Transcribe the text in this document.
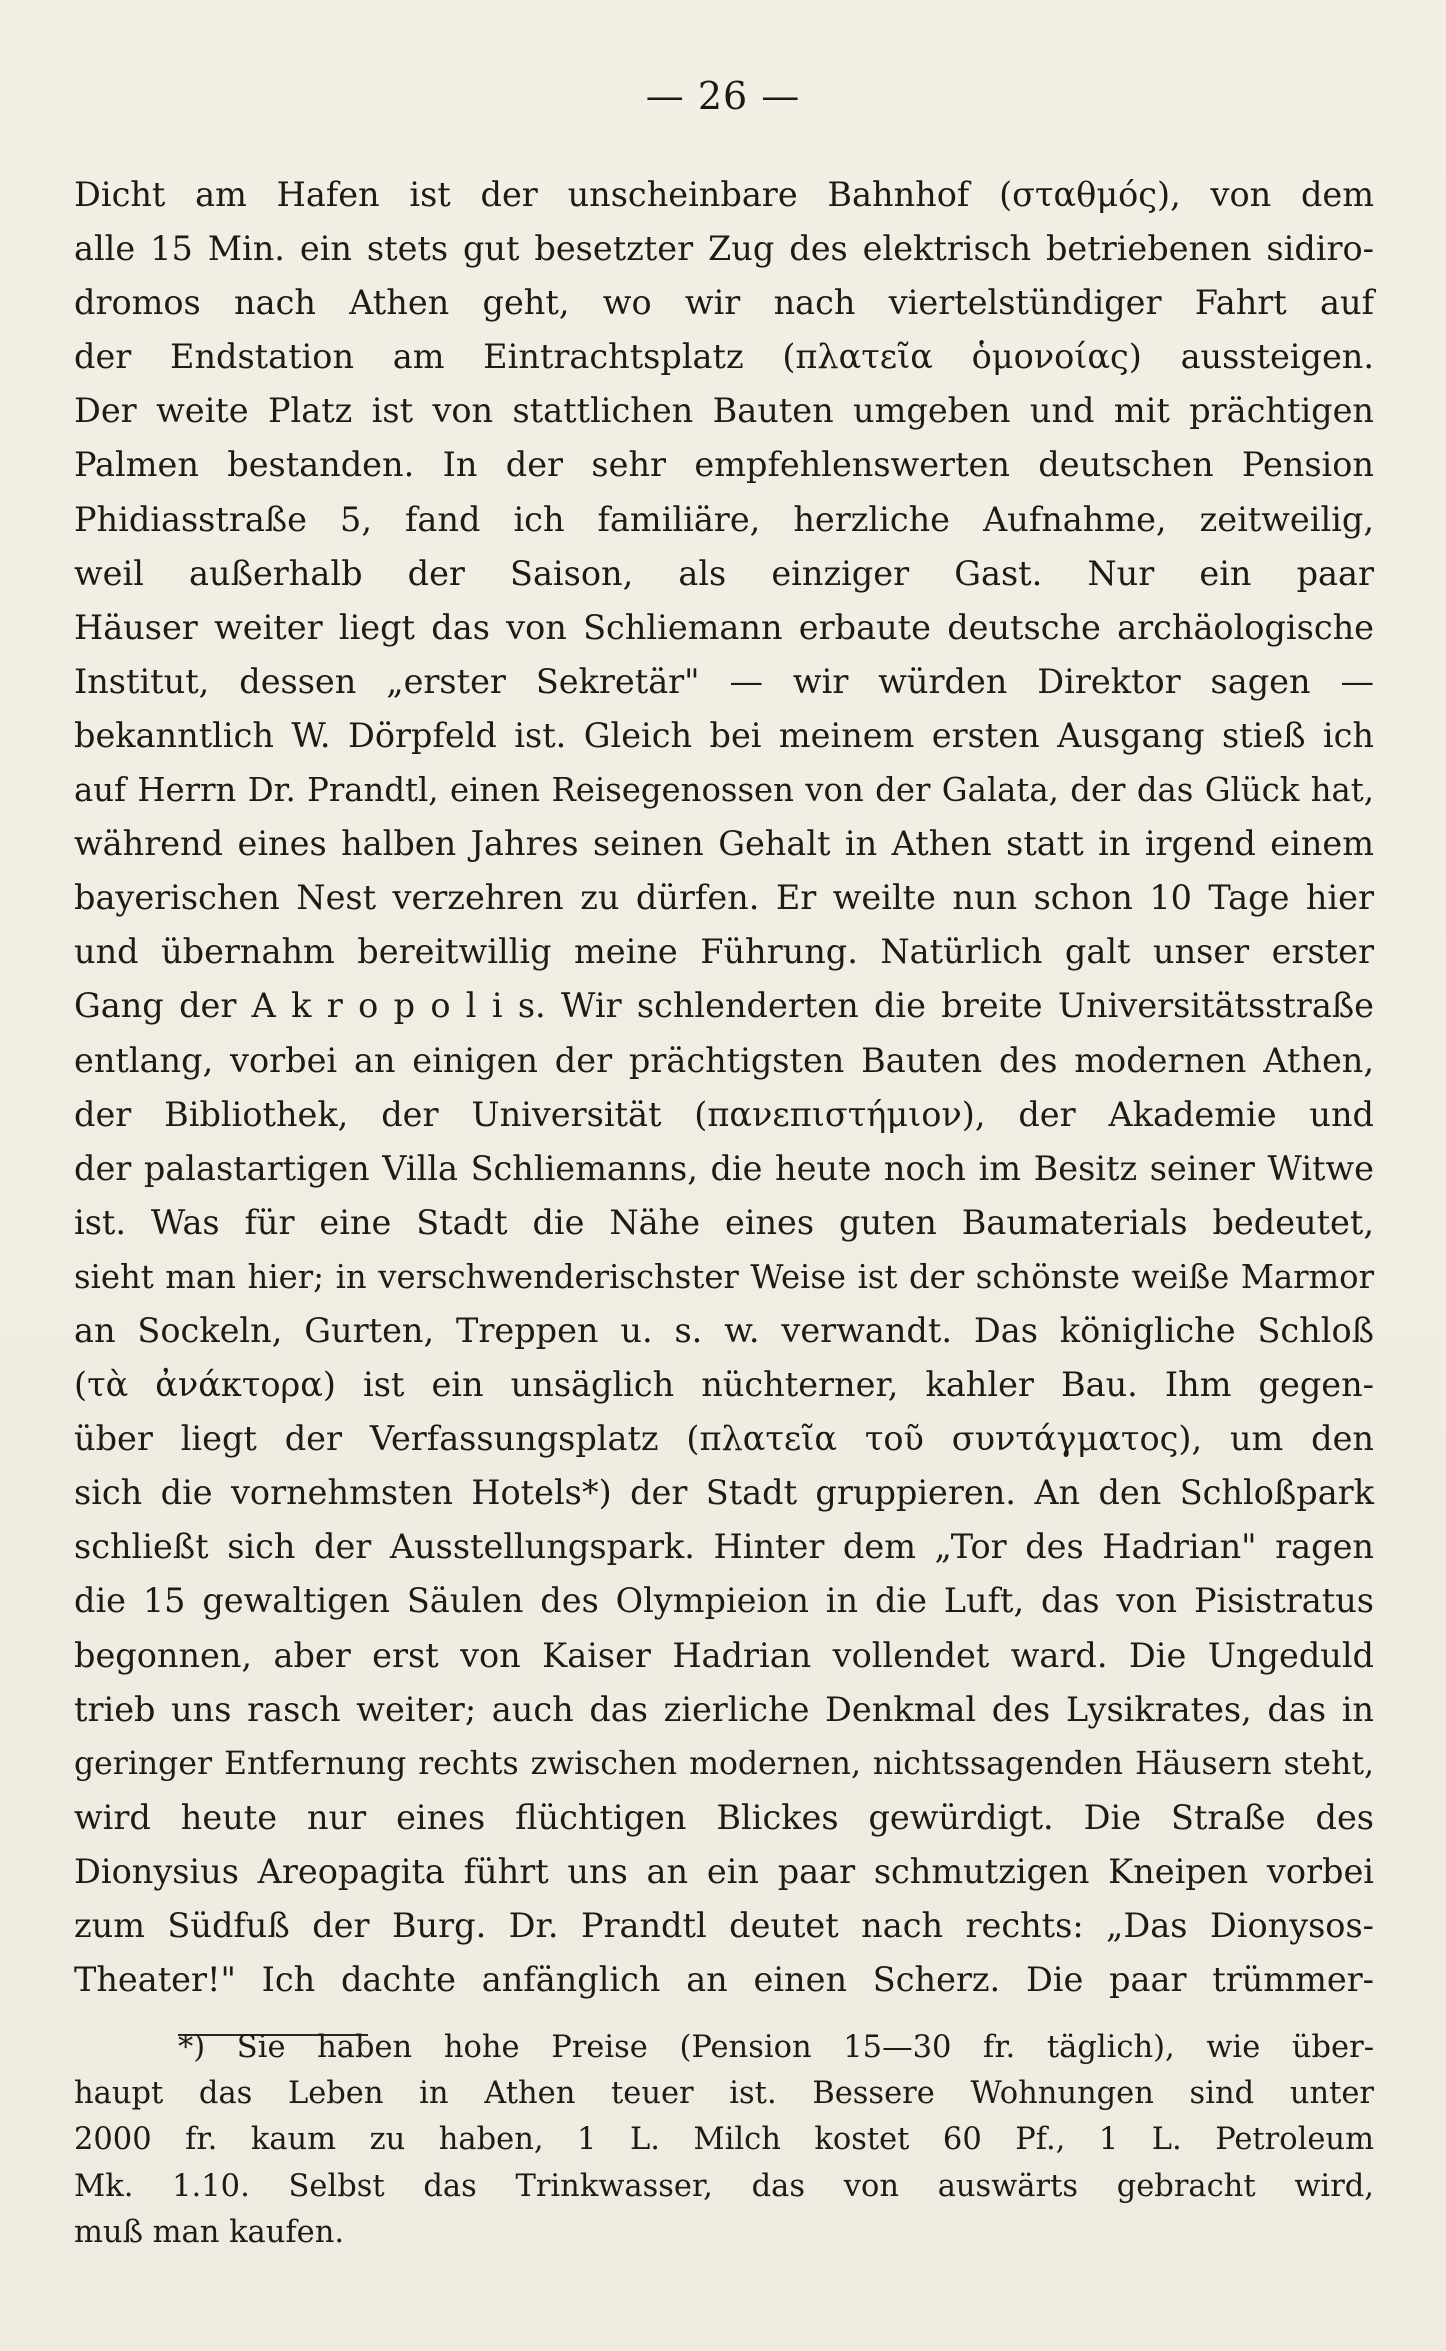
— 26 —
Dicht am Hafen ist der unscheinbare Bahnhof (σταθμός), von dem
alle 15 Min. ein stets gut besetzter Zug des elektrisch betriebenen sidiro-
dromos nach Athen geht, wo wir nach viertelstündiger Fahrt auf
der Endstation am Eintrachtsplatz (πλατεῖα ὁμονοίας) aussteigen.
Der weite Platz ist von stattlichen Bauten umgeben und mit prächtigen
Palmen bestanden. In der sehr empfehlenswerten deutschen Pension
Phidiasstraße 5, fand ich familiäre, herzliche Aufnahme, zeitweilig,
weil außerhalb der Saison, als einziger Gast. Nur ein paar
Häuser weiter liegt das von Schliemann erbaute deutsche archäologische
Institut, dessen „erster Sekretär" — wir würden Direktor sagen —
bekanntlich W. Dörpfeld ist. Gleich bei meinem ersten Ausgang stieß ich
auf Herrn Dr. Prandtl, einen Reisegenossen von der Galata, der das Glück hat,
während eines halben Jahres seinen Gehalt in Athen statt in irgend einem
bayerischen Nest verzehren zu dürfen. Er weilte nun schon 10 Tage hier
und übernahm bereitwillig meine Führung. Natürlich galt unser erster
Gang der A k r o p o l i s. Wir schlenderten die breite Universitätsstraße
entlang, vorbei an einigen der prächtigsten Bauten des modernen Athen,
der Bibliothek, der Universität (πανεπιστήμιον), der Akademie und
der palastartigen Villa Schliemanns, die heute noch im Besitz seiner Witwe
ist. Was für eine Stadt die Nähe eines guten Baumaterials bedeutet,
sieht man hier; in verschwenderischster Weise ist der schönste weiße Marmor
an Sockeln, Gurten, Treppen u. s. w. verwandt. Das königliche Schloß
(τὰ ἀνάκτορα) ist ein unsäglich nüchterner, kahler Bau. Ihm gegen-
über liegt der Verfassungsplatz (πλατεῖα τοῦ συντάγματος), um den
sich die vornehmsten Hotels*) der Stadt gruppieren. An den Schloßpark
schließt sich der Ausstellungspark. Hinter dem „Tor des Hadrian" ragen
die 15 gewaltigen Säulen des Olympieion in die Luft, das von Pisistratus
begonnen, aber erst von Kaiser Hadrian vollendet ward. Die Ungeduld
trieb uns rasch weiter; auch das zierliche Denkmal des Lysikrates, das in
geringer Entfernung rechts zwischen modernen, nichtssagenden Häusern steht,
wird heute nur eines flüchtigen Blickes gewürdigt. Die Straße des
Dionysius Areopagita führt uns an ein paar schmutzigen Kneipen vorbei
zum Südfuß der Burg. Dr. Prandtl deutet nach rechts: „Das Dionysos-
Theater!" Ich dachte anfänglich an einen Scherz. Die paar trümmer-
*) Sie haben hohe Preise (Pension 15—30 fr. täglich), wie über-
haupt das Leben in Athen teuer ist. Bessere Wohnungen sind unter
2000 fr. kaum zu haben, 1 L. Milch kostet 60 Pf., 1 L. Petroleum
Mk. 1.10. Selbst das Trinkwasser, das von auswärts gebracht wird,
muß man kaufen.
